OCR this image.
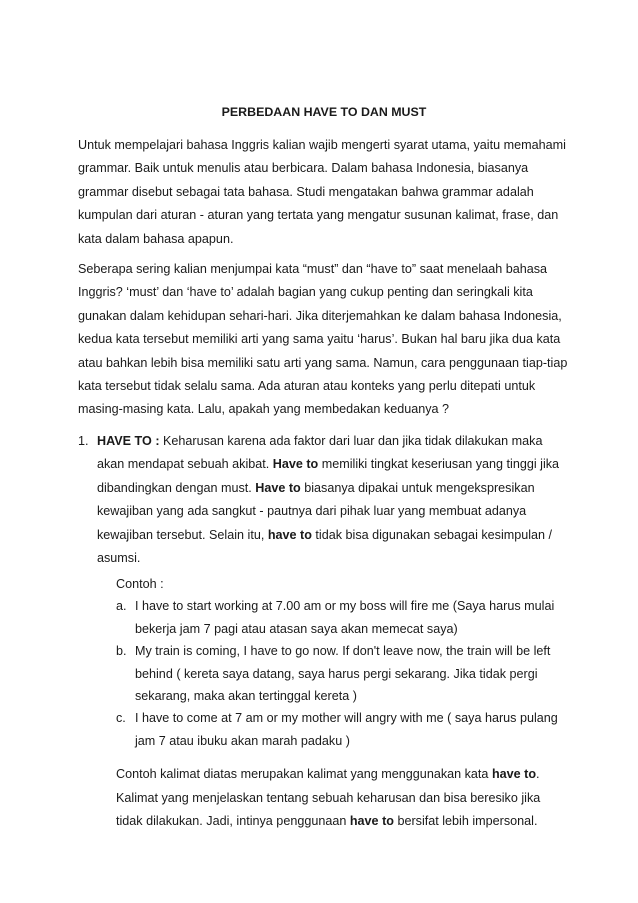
PERBEDAAN HAVE TO DAN MUST

Untuk mempelajari bahasa Inggris kalian wajib mengerti syarat utama, yaitu memahami grammar. Baik untuk menulis atau berbicara. Dalam bahasa Indonesia, biasanya grammar disebut sebagai tata bahasa. Studi mengatakan bahwa grammar adalah kumpulan dari aturan - aturan yang tertata yang mengatur susunan kalimat, frase, dan kata dalam bahasa apapun.

Seberapa sering kalian menjumpai kata “must” dan “have to” saat menelaah bahasa Inggris? ‘must’ dan ‘have to’ adalah bagian yang cukup penting dan seringkali kita gunakan dalam kehidupan sehari-hari. Jika diterjemahkan ke dalam bahasa Indonesia, kedua kata tersebut memiliki arti yang sama yaitu ‘harus’. Bukan hal baru jika dua kata atau bahkan lebih bisa memiliki satu arti yang sama. Namun, cara penggunaan tiap-tiap kata tersebut tidak selalu sama. Ada aturan atau konteks yang perlu ditepati untuk masing-masing kata. Lalu, apakah yang membedakan keduanya ?

1. HAVE TO : Keharusan karena ada faktor dari luar dan jika tidak dilakukan maka akan mendapat sebuah akibat. Have to memiliki tingkat keseriusan yang tinggi jika dibandingkan dengan must. Have to biasanya dipakai untuk mengekspresikan kewajiban yang ada sangkut - pautnya dari pihak luar yang membuat adanya kewajiban tersebut. Selain itu, have to tidak bisa digunakan sebagai kesimpulan / asumsi.
Contoh :
a. I have to start working at 7.00 am or my boss will fire me (Saya harus mulai bekerja jam 7 pagi atau atasan saya akan memecat saya)
b. My train is coming, I have to go now. If don't leave now, the train will be left behind ( kereta saya datang, saya harus pergi sekarang. Jika tidak pergi sekarang, maka akan tertinggal kereta )
c. I have to come at 7 am or my mother will angry with me ( saya harus pulang jam 7 atau ibuku akan marah padaku )
Contoh kalimat diatas merupakan kalimat yang menggunakan kata have to. Kalimat yang menjelaskan tentang sebuah keharusan dan bisa beresiko jika tidak dilakukan. Jadi, intinya penggunaan have to bersifat lebih impersonal.
